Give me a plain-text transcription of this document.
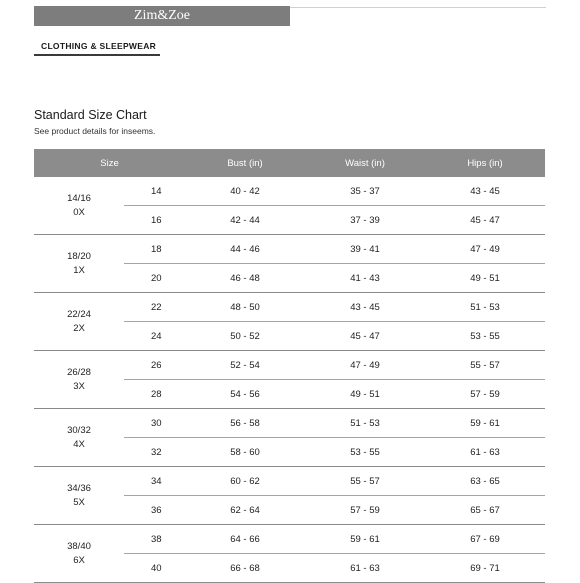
Zim&Zoe
CLOTHING & SLEEPWEAR
Standard Size Chart
See product details for inseems.
Size	Bust (in)	Waist (in)	Hips (in)
14/16
0X
14	40 - 42	35 - 37	43 - 45
16	42 - 44	37 - 39	45 - 47
18/20
1X
18	44 - 46	39 - 41	47 - 49
20	46 - 48	41 - 43	49 - 51
22/24
2X
22	48 - 50	43 - 45	51 - 53
24	50 - 52	45 - 47	53 - 55
26/28
3X
26	52 - 54	47 - 49	55 - 57
28	54 - 56	49 - 51	57 - 59
30/32
4X
30	56 - 58	51 - 53	59 - 61
32	58 - 60	53 - 55	61 - 63
34/36
5X
34	60 - 62	55 - 57	63 - 65
36	62 - 64	57 - 59	65 - 67
38/40
6X
38	64 - 66	59 - 61	67 - 69
40	66 - 68	61 - 63	69 - 71
